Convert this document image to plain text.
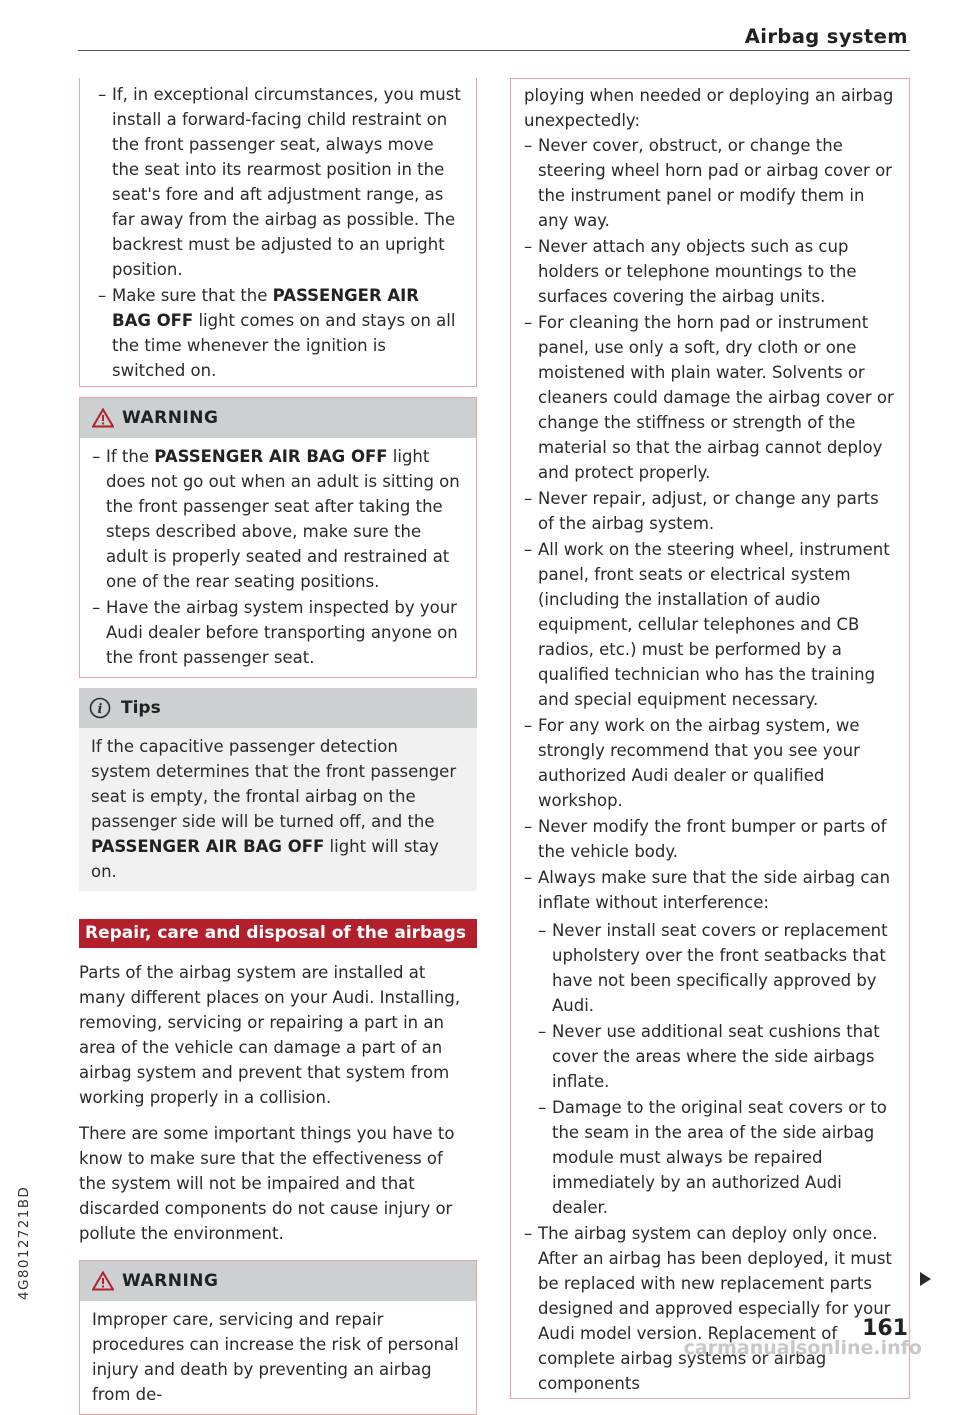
Airbag system
– If, in exceptional circumstances, you must install a forward-facing child restraint on the front passenger seat, always move the seat into its rearmost position in the seat's fore and aft adjustment range, as far away from the airbag as possible. The backrest must be adjusted to an upright position.
– Make sure that the PASSENGER AIR BAG OFF light comes on and stays on all the time whenever the ignition is switched on.
WARNING
– If the PASSENGER AIR BAG OFF light does not go out when an adult is sitting on the front passenger seat after taking the steps described above, make sure the adult is properly seated and restrained at one of the rear seating positions.
– Have the airbag system inspected by your Audi dealer before transporting anyone on the front passenger seat.
i Tips
If the capacitive passenger detection system determines that the front passenger seat is empty, the frontal airbag on the passenger side will be turned off, and the PASSENGER AIR BAG OFF light will stay on.
Repair, care and disposal of the airbags

Parts of the airbag system are installed at many different places on your Audi. Installing, removing, servicing or repairing a part in an area of the vehicle can damage a part of an airbag system and prevent that system from working properly in a collision.

There are some important things you have to know to make sure that the effectiveness of the system will not be impaired and that discarded components do not cause injury or pollute the environment.

WARNING
Improper care, servicing and repair procedures can increase the risk of personal injury and death by preventing an airbag from de-
ploying when needed or deploying an airbag unexpectedly:
– Never cover, obstruct, or change the steering wheel horn pad or airbag cover or the instrument panel or modify them in any way.
– Never attach any objects such as cup holders or telephone mountings to the surfaces covering the airbag units.
– For cleaning the horn pad or instrument panel, use only a soft, dry cloth or one moistened with plain water. Solvents or cleaners could damage the airbag cover or change the stiffness or strength of the material so that the airbag cannot deploy and protect properly.
– Never repair, adjust, or change any parts of the airbag system.
– All work on the steering wheel, instrument panel, front seats or electrical system (including the installation of audio equipment, cellular telephones and CB radios, etc.) must be performed by a qualified technician who has the training and special equipment necessary.
– For any work on the airbag system, we strongly recommend that you see your authorized Audi dealer or qualified workshop.
– Never modify the front bumper or parts of the vehicle body.
– Always make sure that the side airbag can inflate without interference:
– Never install seat covers or replacement upholstery over the front seatbacks that have not been specifically approved by Audi.
– Never use additional seat cushions that cover the areas where the side airbags inflate.
– Damage to the original seat covers or to the seam in the area of the side airbag module must always be repaired immediately by an authorized Audi dealer.
– The airbag system can deploy only once. After an airbag has been deployed, it must be replaced with new replacement parts designed and approved especially for your Audi model version. Replacement of complete airbag systems or airbag components
161
4G8012721BD
carmanualsonline.info
